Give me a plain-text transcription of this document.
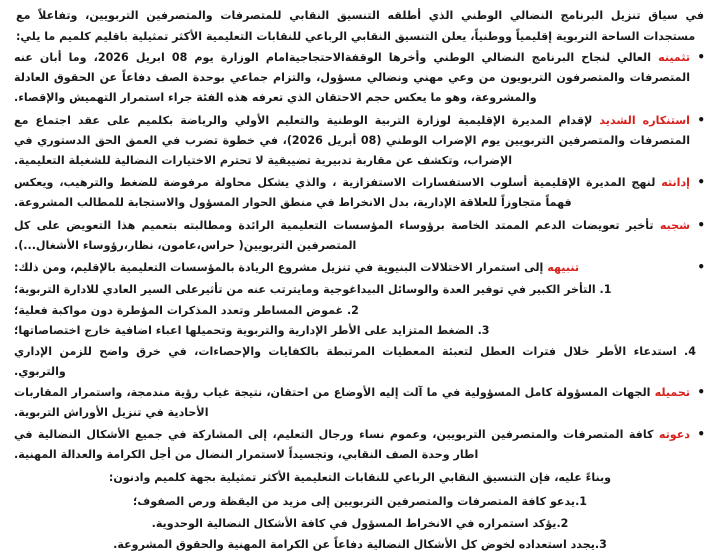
في سياق تنزيل البرنامج النضالي الوطني الذي أطلقه التنسيق النقابي للمتصرفات والمتصرفين التربويين، وتفاعلاً مع مستجدات الساحة التربوية إقليمياً ووطنياً، يعلن التنسيق النقابي الرباعي للنقابات التعليمية الأكثر تمثيلية باقليم كلميم ما يلي:

• تثمينه العالي لنجاح البرنامج النضالي الوطني وأخرها الوقفةالاحتجاجيةامام الوزارة يوم 08 ابريل 2026، وما أبان عنه المتصرفات والمتصرفون التربويون من وعي مهني ونضالي مسؤول، والتزام جماعي بوحدة الصف دفاعاً عن الحقوق العادلة والمشروعة، وهو ما يعكس حجم الاحتقان الذي تعرفه هذه الفئة جراء استمرار التهميش والإقصاء.
• استنكاره الشديد لإقدام المديرة الإقليمية لوزارة التربية الوطنية والتعليم الأولي والرياضة بكلميم على عقد اجتماع مع المتصرفات والمتصرفين التربويين يوم الإضراب الوطني (08 أبريل 2026)، في خطوة تضرب في العمق الحق الدستوري في الإضراب، وتكشف عن مقاربة تدبيرية تضييقية لا تحترم الاختيارات النضالية للشغيلة التعليمية.
• إدانته لنهج المديرة الإقليمية أسلوب الاستفسارات الاستفزازية ، والذي يشكل محاولة مرفوضة للضغط والترهيب، ويعكس فهماً متجاوزاً للعلاقة الإدارية، بدل الانخراط في منطق الحوار المسؤول والاستجابة للمطالب المشروعة.
• شجبه تأخير تعويضات الدعم الممتد الخاصة برؤوساء المؤسسات التعليمية الرائدة ومطالبته بتعميم هذا التعويض على كل المتصرفين التربويين( حراس،عامون، نظار،رؤوساء الأشغال...).
• تنبيهه إلى استمرار الاختلالات البنيوية في تنزيل مشروع الريادة بالمؤسسات التعليمية بالإقليم، ومن ذلك:
التأخر الكبير في توفير العدة والوسائل البيداغوجية ومايترتب عنه من تأثيرعلى السير العادي للادارة التربوية؛
غموض المساطر وتعدد المذكرات المؤطرة دون مواكبة فعلية؛
الضغط المتزايد على الأطر الإدارية والتربوية وتحميلها اعباء اضافية خارج اختصاصاتها؛
استدعاء الأطر خلال فترات العطل لتعبئة المعطيات المرتبطة بالكفايات والإحصاءات، في خرق واضح للزمن الإداري والتربوي.
• تحميله الجهات المسؤولة كامل المسؤولية في ما آلت إليه الأوضاع من احتقان، نتيجة غياب رؤية مندمجة، واستمرار المقاربات الأحادية في تنزيل الأوراش التربوية.
• دعوته كافة المتصرفات والمتصرفين التربويين، وعموم نساء ورجال التعليم، إلى المشاركة في جميع الأشكال النضالية في اطار وحدة الصف النقابي، وتجسيداً لاستمرار النضال من أجل الكرامة والعدالة المهنية.

وبناءً عليه، فإن التنسيق النقابي الرباعي للنقابات التعليمية الأكثر تمثيلية بجهة كلميم وادنون:

يدعو كافة المتصرفات والمتصرفين التربويين إلى مزيد من اليقظة ورص الصفوف؛
يؤكد استمراره في الانخراط المسؤول في كافة الأشكال النضالية الوحدوية.
يجدد استعداده لخوض كل الأشكال النضالية دفاعاً عن الكرامة المهنية والحقوق المشروعة.
